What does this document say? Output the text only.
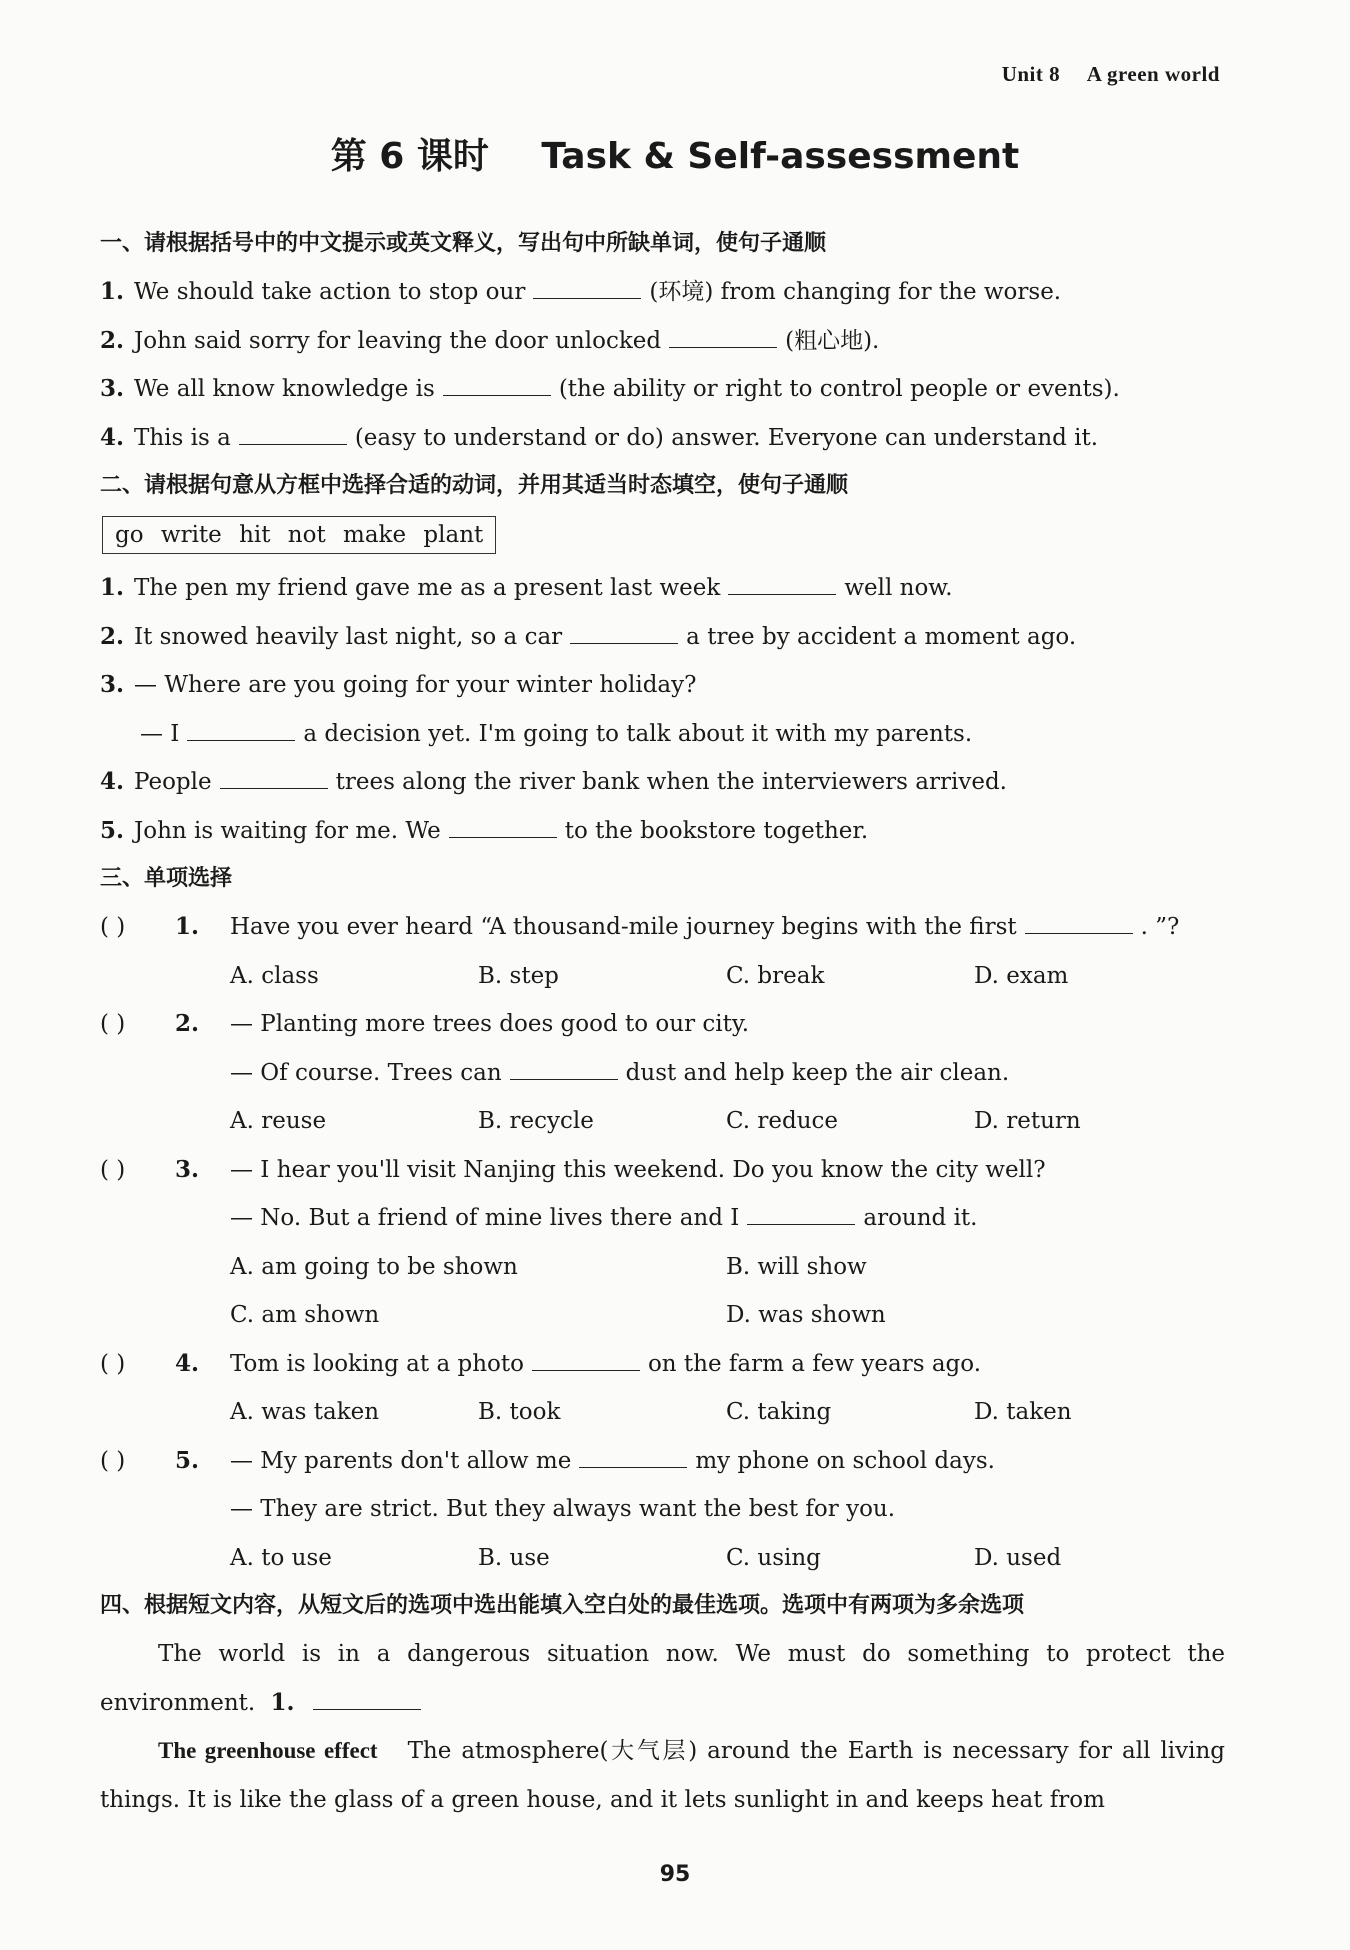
Unit 8 A green world
第 6 课时 Task & Self-assessment
一、请根据括号中的中文提示或英文释义，写出句中所缺单词，使句子通顺
1. We should take action to stop our	(环境) from changing for the worse.
2. John said sorry for leaving the door unlocked	(粗心地).
3. We all know knowledge is	(the ability or right to control people or events).
4. This is a	(easy to understand or do) answer. Everyone can understand it.
二、请根据句意从方框中选择合适的动词，并用其适当时态填空，使句子通顺
go write hit not make plant
1. The pen my friend gave me as a present last week	well now.
2. It snowed heavily last night, so a car	a tree by accident a moment ago.
3. — Where are you going for your winter holiday?
— I	a decision yet. I'm going to talk about it with my parents.
4. People	trees along the river bank when the interviewers arrived.
5. John is waiting for me. We	to the bookstore together.
三、单项选择
( ) 1.	Have you ever heard “A thousand-mile journey begins with the first	. ”?
A. class	B. step	C. break	D. exam
( ) 2.	— Planting more trees does good to our city.
— Of course. Trees can	dust and help keep the air clean.
A. reuse	B. recycle	C. reduce	D. return
( ) 3.	— I hear you'll visit Nanjing this weekend. Do you know the city well?
— No. But a friend of mine lives there and I	around it.
A. am going to be shown	B. will show
C. am shown	D. was shown
( ) 4.	Tom is looking at a photo	on the farm a few years ago.
A. was taken	B. took	C. taking	D. taken
( ) 5.	— My parents don't allow me	my phone on school days.
— They are strict. But they always want the best for you.
A. to use	B. use	C. using	D. used
四、根据短文内容，从短文后的选项中选出能填入空白处的最佳选项。选项中有两项为多余选项
The world is in a dangerous situation now. We must do something to protect the environment. 1.
The greenhouse effect The atmosphere(大气层) around the Earth is necessary for all living things. It is like the glass of a green house, and it lets sunlight in and keeps heat from
95
